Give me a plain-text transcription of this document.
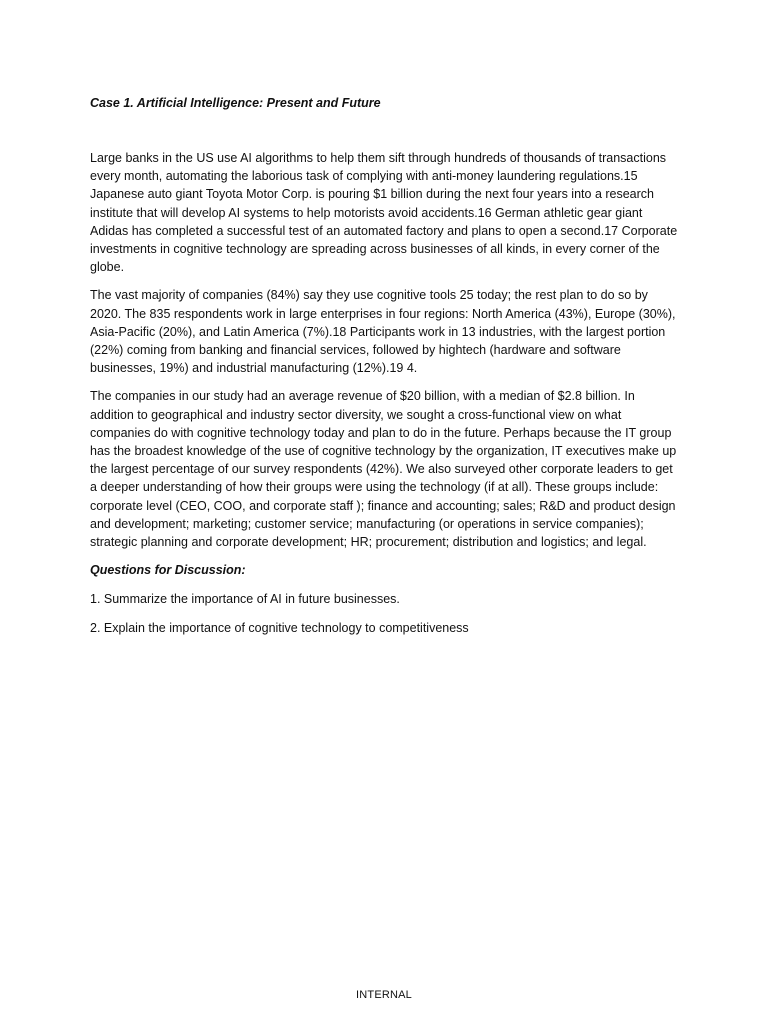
Case 1. Artificial Intelligence: Present and Future

Large banks in the US use AI algorithms to help them sift through hundreds of thousands of transactions every month, automating the laborious task of complying with anti-money laundering regulations.15 Japanese auto giant Toyota Motor Corp. is pouring $1 billion during the next four years into a research institute that will develop AI systems to help motorists avoid accidents.16 German athletic gear giant Adidas has completed a successful test of an automated factory and plans to open a second.17 Corporate investments in cognitive technology are spreading across businesses of all kinds, in every corner of the globe.

The vast majority of companies (84%) say they use cognitive tools 25 today; the rest plan to do so by 2020. The 835 respondents work in large enterprises in four regions: North America (43%), Europe (30%), Asia-Pacific (20%), and Latin America (7%).18 Participants work in 13 industries, with the largest portion (22%) coming from banking and financial services, followed by hightech (hardware and software businesses, 19%) and industrial manufacturing (12%).19 4.

The companies in our study had an average revenue of $20 billion, with a median of $2.8 billion. In addition to geographical and industry sector diversity, we sought a cross-functional view on what companies do with cognitive technology today and plan to do in the future. Perhaps because the IT group has the broadest knowledge of the use of cognitive technology by the organization, IT executives make up the largest percentage of our survey respondents (42%). We also surveyed other corporate leaders to get a deeper understanding of how their groups were using the technology (if at all). These groups include: corporate level (CEO, COO, and corporate staff ); finance and accounting; sales; R&D and product design and development; marketing; customer service; manufacturing (or operations in service companies); strategic planning and corporate development; HR; procurement; distribution and logistics; and legal.

Questions for Discussion:
1. Summarize the importance of AI in future businesses.
2. Explain the importance of cognitive technology to competitiveness
INTERNAL
